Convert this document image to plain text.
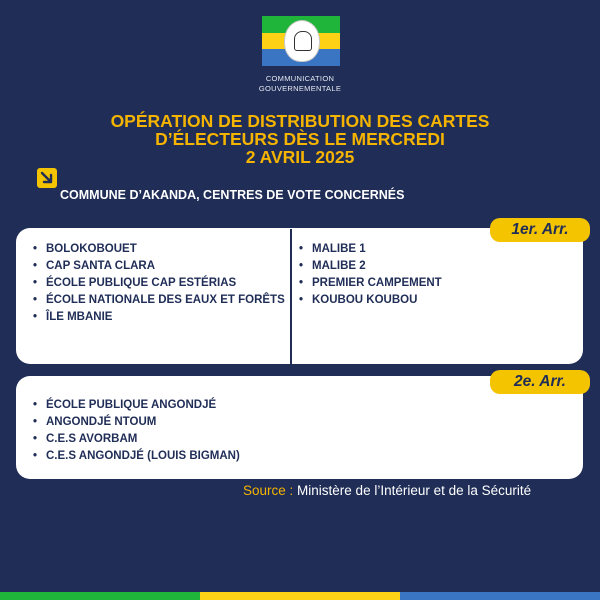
COMMUNICATION
GOUVERNEMENTALE
OPÉRATION DE DISTRIBUTION DES CARTES
D’ÉLECTEURS DÈS LE MERCREDI
2 AVRIL 2025
COMMUNE D’AKANDA, CENTRES DE VOTE CONCERNÉS
1er. Arr.
• BOLOKOBOUET
• CAP SANTA CLARA
• ÉCOLE PUBLIQUE CAP ESTÉRIAS
• ÉCOLE NATIONALE DES EAUX ET FORÊTS
• ÎLE MBANIE
• MALIBE 1
• MALIBE 2
• PREMIER CAMPEMENT
• KOUBOU KOUBOU
2e. Arr.
• ÉCOLE PUBLIQUE ANGONDJÉ
• ANGONDJÉ NTOUM
• C.E.S AVORBAM
• C.E.S ANGONDJÉ (LOUIS BIGMAN)
Source : Ministère de l’Intérieur et de la Sécurité
